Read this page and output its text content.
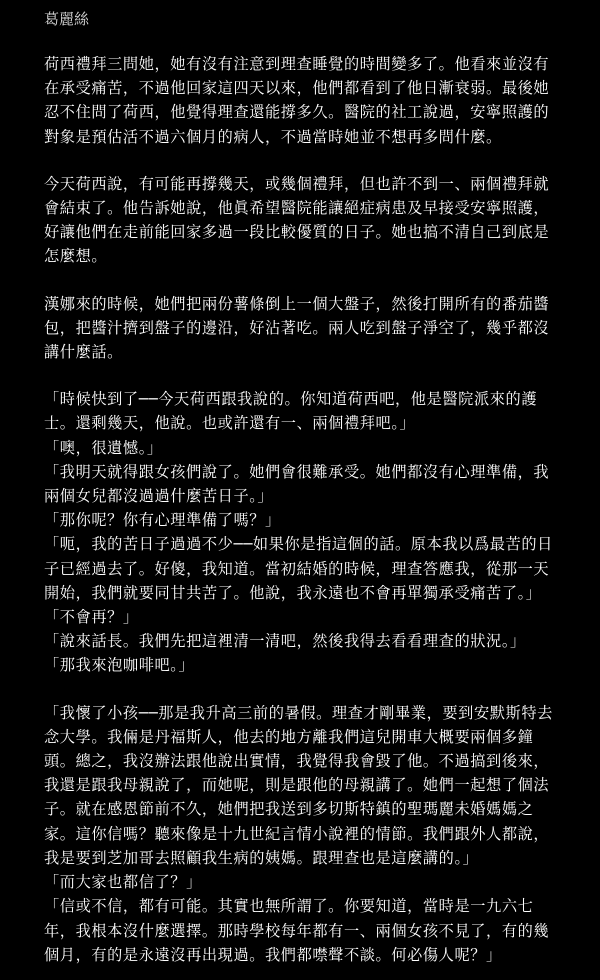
葛麗絲
荷西禮拜三問她，她有沒有注意到理查睡覺的時間變多了。他看來並沒有
在承受痛苦，不過他回家這四天以來，他們都看到了他日漸衰弱。最後她
忍不住問了荷西，他覺得理查還能撐多久。醫院的社工說過，安寧照護的
對象是預估活不過六個月的病人，不過當時她並不想再多問什麼。
今天荷西說，有可能再撐幾天，或幾個禮拜，但也許不到一、兩個禮拜就
會結束了。他告訴她說，他眞希望醫院能讓絕症病患及早接受安寧照護，
好讓他們在走前能回家多過一段比較優質的日子。她也搞不清自己到底是
怎麼想。
漢娜來的時候，她們把兩份薯條倒上一個大盤子，然後打開所有的番茄醬
包，把醬汁擠到盤子的邊沿，好沾著吃。兩人吃到盤子淨空了，幾乎都沒
講什麼話。
「時候快到了──今天荷西跟我說的。你知道荷西吧，他是醫院派來的護
士。還剩幾天，他說。也或許還有一、兩個禮拜吧。」
「噢，很遺憾。」
「我明天就得跟女孩們說了。她們會很難承受。她們都沒有心理準備，我
兩個女兒都沒過過什麼苦日子。」
「那你呢？你有心理準備了嗎？」
「呃，我的苦日子過過不少──如果你是指這個的話。原本我以爲最苦的日
子已經過去了。好傻，我知道。當初結婚的時候，理查答應我，從那一天
開始，我們就要同甘共苦了。他說，我永遠也不會再單獨承受痛苦了。」
「不會再？」
「說來話長。我們先把這裡清一清吧，然後我得去看看理查的狀況。」
「那我來泡咖啡吧。」
「我懷了小孩──那是我升高三前的暑假。理查才剛畢業，要到安默斯特去
念大學。我倆是丹福斯人，他去的地方離我們這兒開車大概要兩個多鐘
頭。總之，我沒辦法跟他說出實情，我覺得我會毀了他。不過搞到後來，
我還是跟我母親說了，而她呢，則是跟他的母親講了。她們一起想了個法
子。就在感恩節前不久，她們把我送到多切斯特鎮的聖瑪麗未婚媽媽之
家。這你信嗎？聽來像是十九世紀言情小說裡的情節。我們跟外人都說，
我是要到芝加哥去照顧我生病的姨媽。跟理查也是這麼講的。」
「而大家也都信了？」
「信或不信，都有可能。其實也無所謂了。你要知道，當時是一九六七
年，我根本沒什麼選擇。那時學校每年都有一、兩個女孩不見了，有的幾
個月，有的是永遠沒再出現過。我們都噤聲不談。何必傷人呢？」
